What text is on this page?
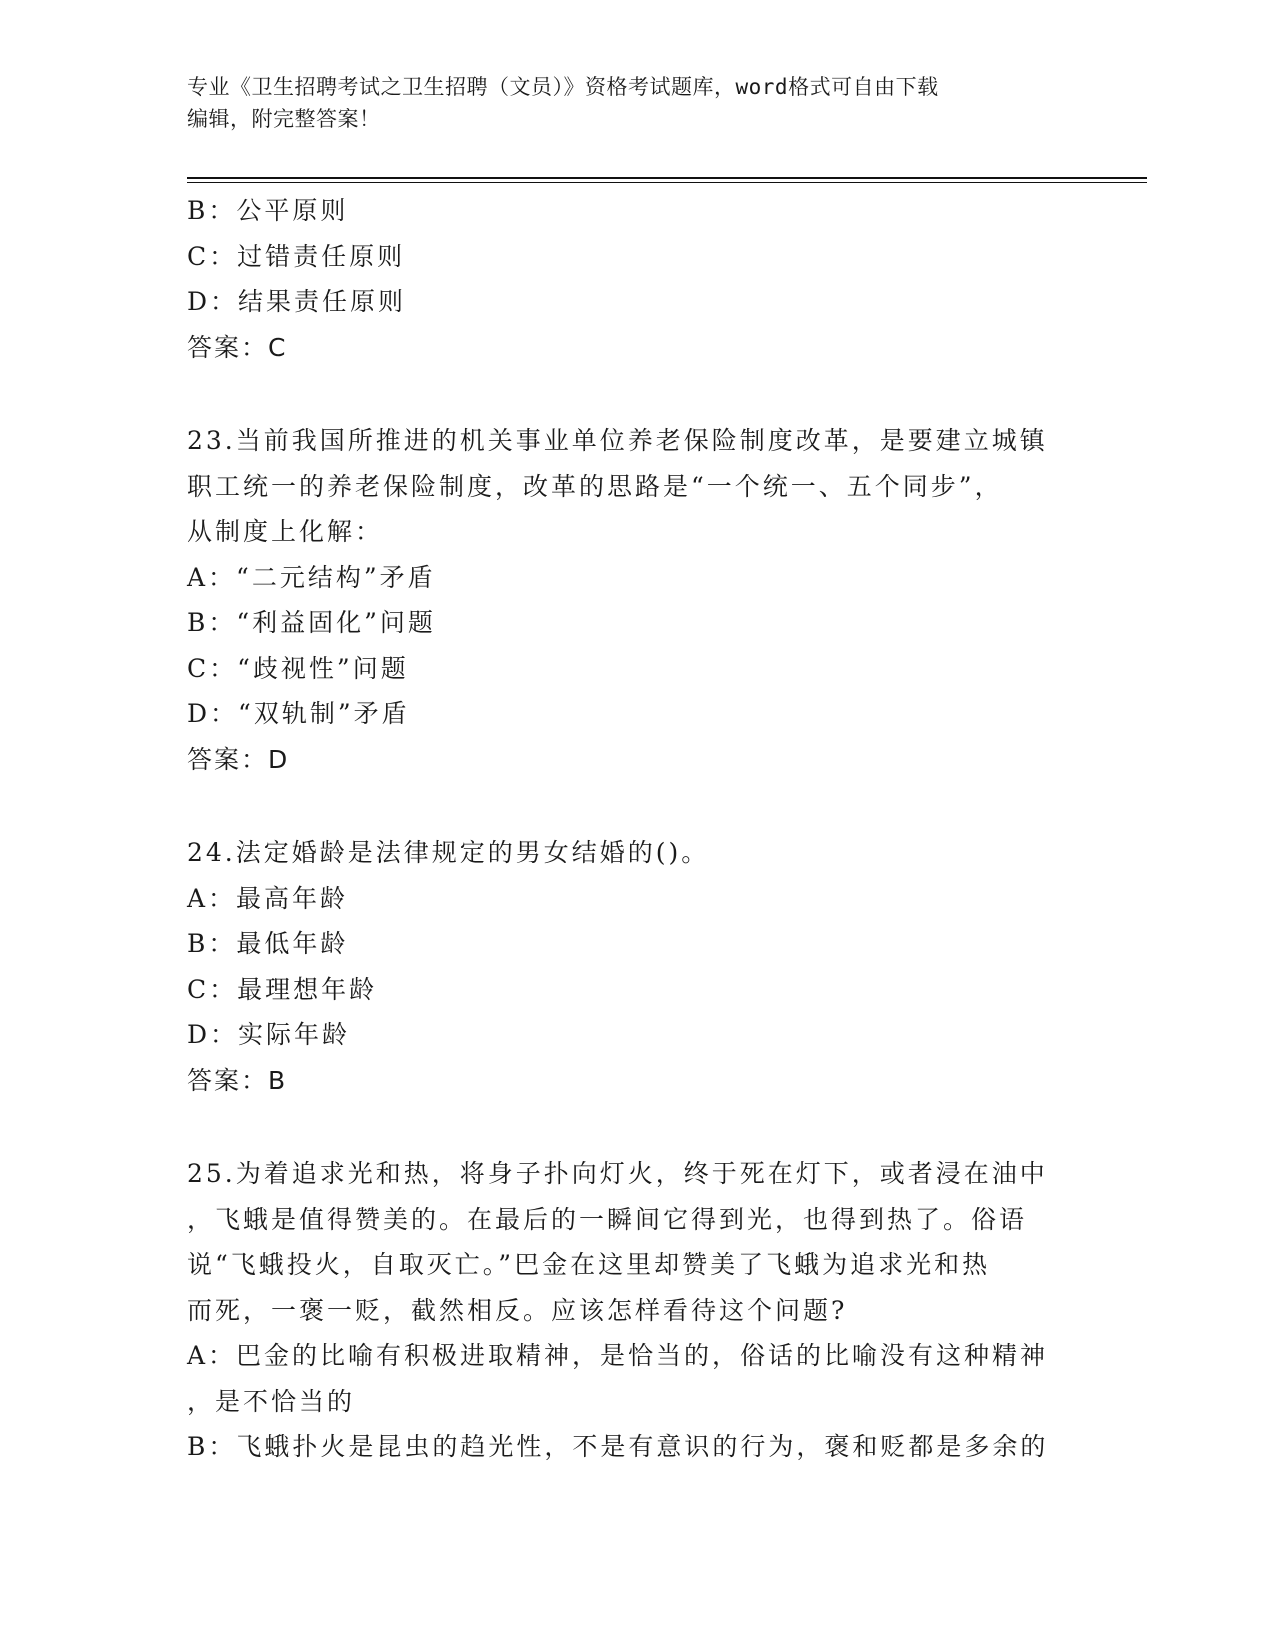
专业《卫生招聘考试之卫生招聘（文员）》资格考试题库，word格式可自由下载
编辑，附完整答案！
B：公平原则
C：过错责任原则
D：结果责任原则
答案：C
23.当前我国所推进的机关事业单位养老保险制度改革，是要建立城镇
职工统一的养老保险制度，改革的思路是“一个统一、五个同步”，
从制度上化解：
A：“二元结构”矛盾
B：“利益固化”问题
C：“歧视性”问题
D：“双轨制”矛盾
答案：D
24.法定婚龄是法律规定的男女结婚的()。
A：最高年龄
B：最低年龄
C：最理想年龄
D：实际年龄
答案：B
25.为着追求光和热，将身子扑向灯火，终于死在灯下，或者浸在油中
，飞蛾是值得赞美的。在最后的一瞬间它得到光，也得到热了。俗语
说“飞蛾投火，自取灭亡。”巴金在这里却赞美了飞蛾为追求光和热
而死，一褒一贬，截然相反。应该怎样看待这个问题?
A：巴金的比喻有积极进取精神，是恰当的，俗话的比喻没有这种精神
，是不恰当的
B：飞蛾扑火是昆虫的趋光性，不是有意识的行为，褒和贬都是多余的
